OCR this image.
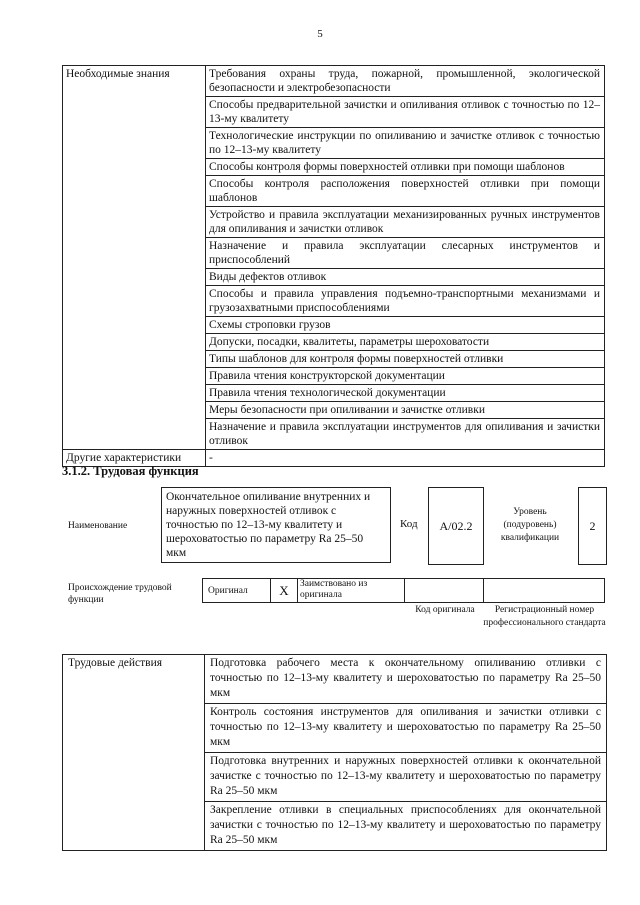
5
Необходимые знания	Требования охраны труда, пожарной, промышленной, экологической безопасности и электробезопасности
	Способы предварительной зачистки и опиливания отливок с точностью по 12–13-му квалитету
	Технологические инструкции по опиливанию и зачистке отливок с точностью по 12–13-му квалитету
	Способы контроля формы поверхностей отливки при помощи шаблонов
	Способы контроля расположения поверхностей отливки при помощи шаблонов
	Устройство и правила эксплуатации механизированных ручных инструментов для опиливания и зачистки отливок
	Назначение и правила эксплуатации слесарных инструментов и приспособлений
	Виды дефектов отливок
	Способы и правила управления подъемно-транспортными механизмами и грузозахватными приспособлениями
	Схемы строповки грузов
	Допуски, посадки, квалитеты, параметры шероховатости
	Типы шаблонов для контроля формы поверхностей отливки
	Правила чтения конструкторской документации
	Правила чтения технологической документации
	Меры безопасности при опиливании и зачистке отливки
	Назначение и правила эксплуатации инструментов для опиливания и зачистки отливок
Другие характеристики	-
3.1.2. Трудовая функция
Наименование
Окончательное опиливание внутренних и наружных поверхностей отливок с точностью по 12–13-му квалитету и шероховатостью по параметру Ra 25–50 мкм
Код	А/02.2
Уровень (подуровень) квалификации
2
Происхождение трудовой функции
Оригинал	X	Заимствовано из оригинала
Код оригинала	Регистрационный номер профессионального стандарта
Трудовые действия	Подготовка рабочего места к окончательному опиливанию отливки с точностью по 12–13-му квалитету и шероховатостью по параметру Ra 25–50 мкм
Контроль состояния инструментов для опиливания и зачистки отливки с точностью по 12–13-му квалитету и шероховатостью по параметру Ra 25–50 мкм
Подготовка внутренних и наружных поверхностей отливки к окончательной зачистке с точностью по 12–13-му квалитету и шероховатостью по параметру Ra 25–50 мкм
Закрепление отливки в специальных приспособлениях для окончательной зачистки с точностью по 12–13-му квалитету и шероховатостью по параметру Ra 25–50 мкм
